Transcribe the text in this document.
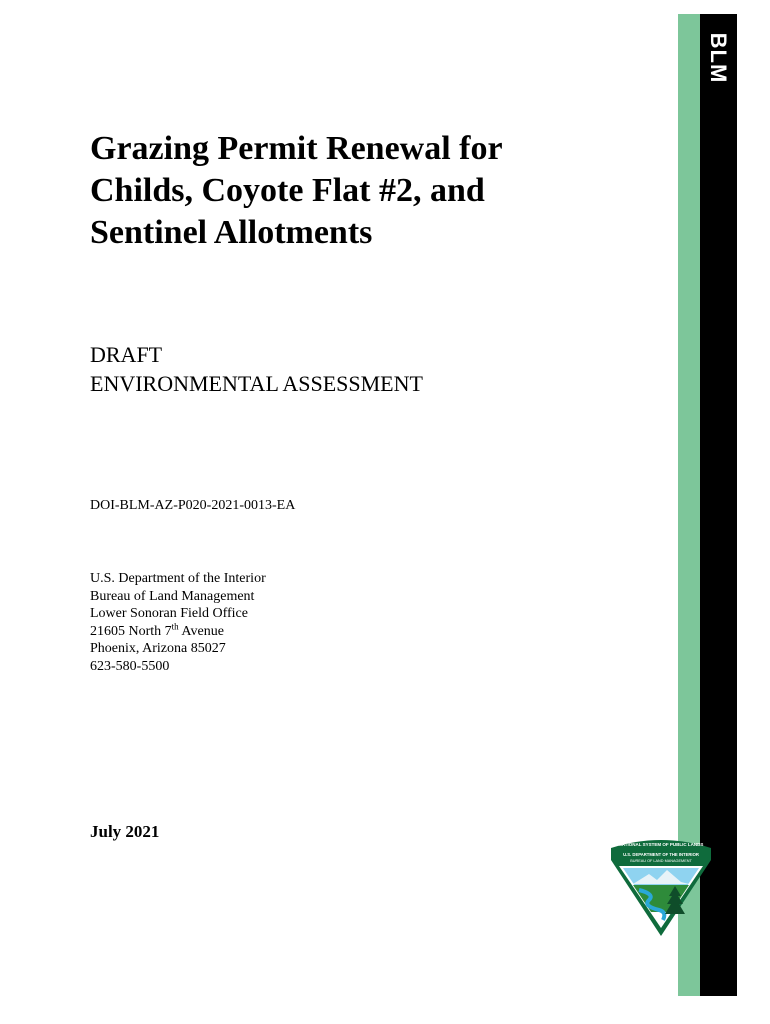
BLM
Grazing Permit Renewal for
Childs, Coyote Flat #2, and
Sentinel Allotments
DRAFT
ENVIRONMENTAL ASSESSMENT
DOI-BLM-AZ-P020-2021-0013-EA
U.S. Department of the Interior
Bureau of Land Management
Lower Sonoran Field Office
21605 North 7th Avenue
Phoenix, Arizona 85027
623-580-5500
July 2021
NATIONAL SYSTEM OF PUBLIC LANDS
U.S. DEPARTMENT OF THE INTERIOR
BUREAU OF LAND MANAGEMENT
